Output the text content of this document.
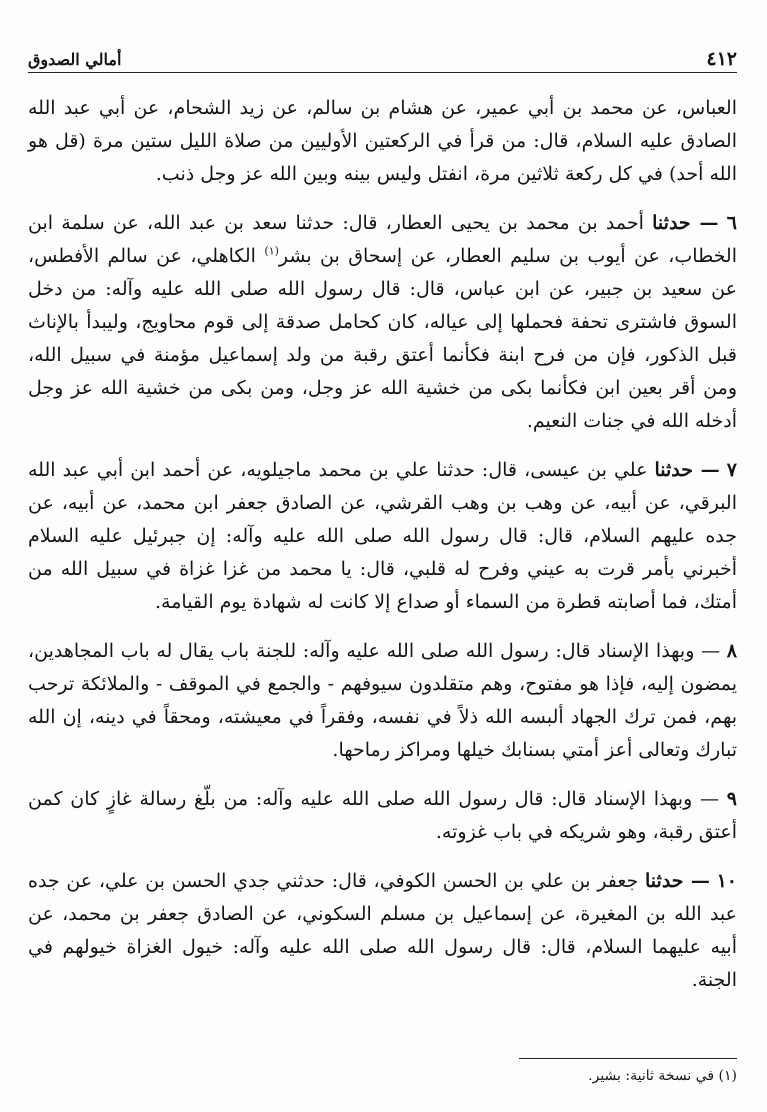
٤١٢
أمالي الصدوق

العباس، عن محمد بن أبي عمير، عن هشام بن سالم، عن زيد الشحام، عن أبي عبد الله الصادق عليه السلام، قال: من قرأ في الركعتين الأوليين من صلاة الليل ستين مرة (قل هو الله أحد) في كل ركعة ثلاثين مرة، انفتل وليس بينه وبين الله عز وجل ذنب.

٦ — حدثنا أحمد بن محمد بن يحيى العطار، قال: حدثنا سعد بن عبد الله، عن سلمة ابن الخطاب، عن أيوب بن سليم العطار، عن إسحاق بن بشر$^{(١)}$ الكاهلي، عن سالم الأفطس، عن سعيد بن جبير، عن ابن عباس، قال: قال رسول الله صلى الله عليه وآله: من دخل السوق فاشترى تحفة فحملها إلى عياله، كان كحامل صدقة إلى قوم محاويج، وليبدأ بالإناث قبل الذكور، فإن من فرح ابنة فكأنما أعتق رقبة من ولد إسماعيل مؤمنة في سبيل الله، ومن أقر بعين ابن فكأنما بكى من خشية الله عز وجل، ومن بكى من خشية الله عز وجل أدخله الله في جنات النعيم.

٧ — حدثنا علي بن عيسى، قال: حدثنا علي بن محمد ماجيلويه، عن أحمد ابن أبي عبد الله البرقي، عن أبيه، عن وهب بن وهب القرشي، عن الصادق جعفر ابن محمد، عن أبيه، عن جده عليهم السلام، قال: قال رسول الله صلى الله عليه وآله: إن جبرئيل عليه السلام أخبرني بأمر قرت به عيني وفرح له قلبي، قال: يا محمد من غزا غزاة في سبيل الله من أمتك، فما أصابته قطرة من السماء أو صداع إلا كانت له شهادة يوم القيامة.

٨ — وبهذا الإسناد قال: رسول الله صلى الله عليه وآله: للجنة باب يقال له باب المجاهدين، يمضون إليه، فإذا هو مفتوح، وهم متقلدون سيوفهم - والجمع في الموقف - والملائكة ترحب بهم، فمن ترك الجهاد ألبسه الله ذلاً في نفسه، وفقراً في معيشته، ومحقاً في دينه، إن الله تبارك وتعالى أعز أمتي بسنابك خيلها ومراكز رماحها.

٩ — وبهذا الإسناد قال: قال رسول الله صلى الله عليه وآله: من بلّغ رسالة غازٍ كان كمن أعتق رقبة، وهو شريكه في باب غزوته.

١٠ — حدثنا جعفر بن علي بن الحسن الكوفي، قال: حدثني جدي الحسن بن علي، عن جده عبد الله بن المغيرة، عن إسماعيل بن مسلم السكوني، عن الصادق جعفر بن محمد، عن أبيه عليهما السلام، قال: قال رسول الله صلى الله عليه وآله: خيول الغزاة خيولهم في الجنة.

(١) في نسخة ثانية: بشير.
